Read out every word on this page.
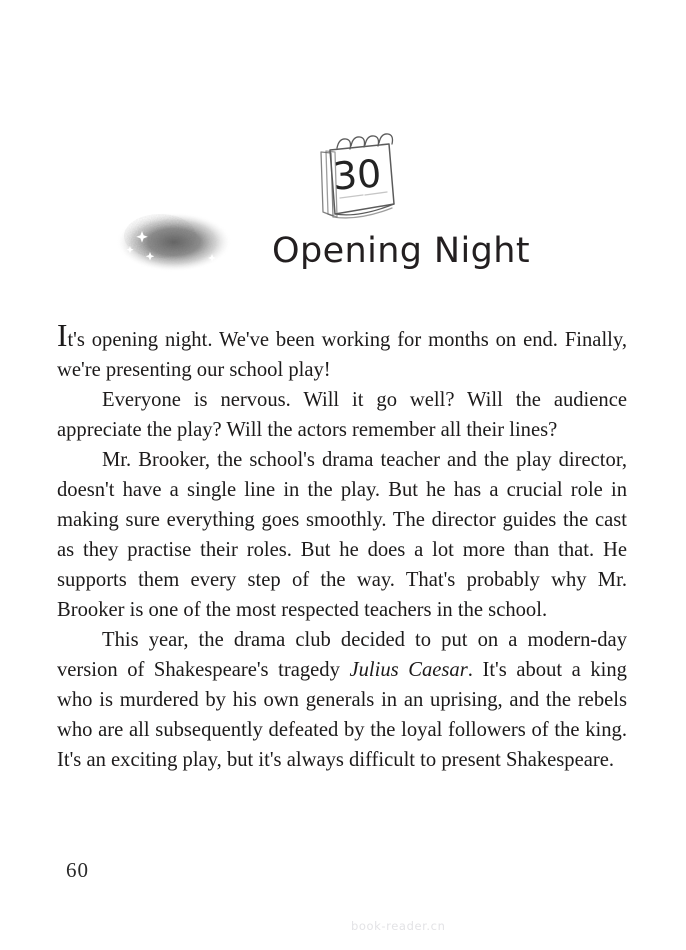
30
Opening Night

It's opening night. We've been working for months on end. Finally, we're presenting our school play!

Everyone is nervous. Will it go well? Will the audience appreciate the play? Will the actors remember all their lines?

Mr. Brooker, the school's drama teacher and the play director, doesn't have a single line in the play. But he has a crucial role in making sure everything goes smoothly. The director guides the cast as they practise their roles. But he does a lot more than that. He supports them every step of the way. That's probably why Mr. Brooker is one of the most respected teachers in the school.

This year, the drama club decided to put on a modern-day version of Shakespeare's tragedy Julius Caesar. It's about a king who is murdered by his own generals in an uprising, and the rebels who are all subsequently defeated by the loyal followers of the king. It's an exciting play, but it's always difficult to present Shakespeare.

60
book-reader.cn
